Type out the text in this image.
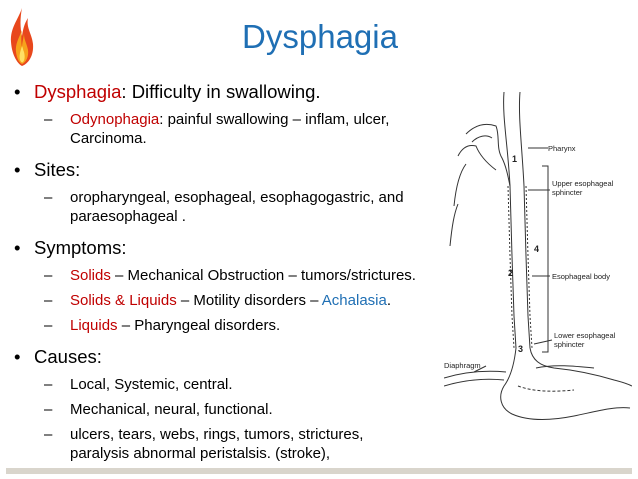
Dysphagia
• Dysphagia: Difficulty in swallowing.
– Odynophagia: painful swallowing – inflam, ulcer,
Carcinoma.
• Sites:
– oropharyngeal, esophageal, esophagogastric, and
paraesophageal .
• Symptoms:
– Solids – Mechanical Obstruction – tumors/strictures.
– Solids & Liquids – Motility disorders – Achalasia.
– Liquids – Pharyngeal disorders.
• Causes:
– Local, Systemic, central.
– Mechanical, neural, functional.
– ulcers, tears, webs, rings, tumors, strictures,
paralysis abnormal peristalsis. (stroke),
Pharynx
Upper esophageal
sphincter
Esophageal body
Lower esophageal
sphincter
Diaphragm
1
2
3
4
